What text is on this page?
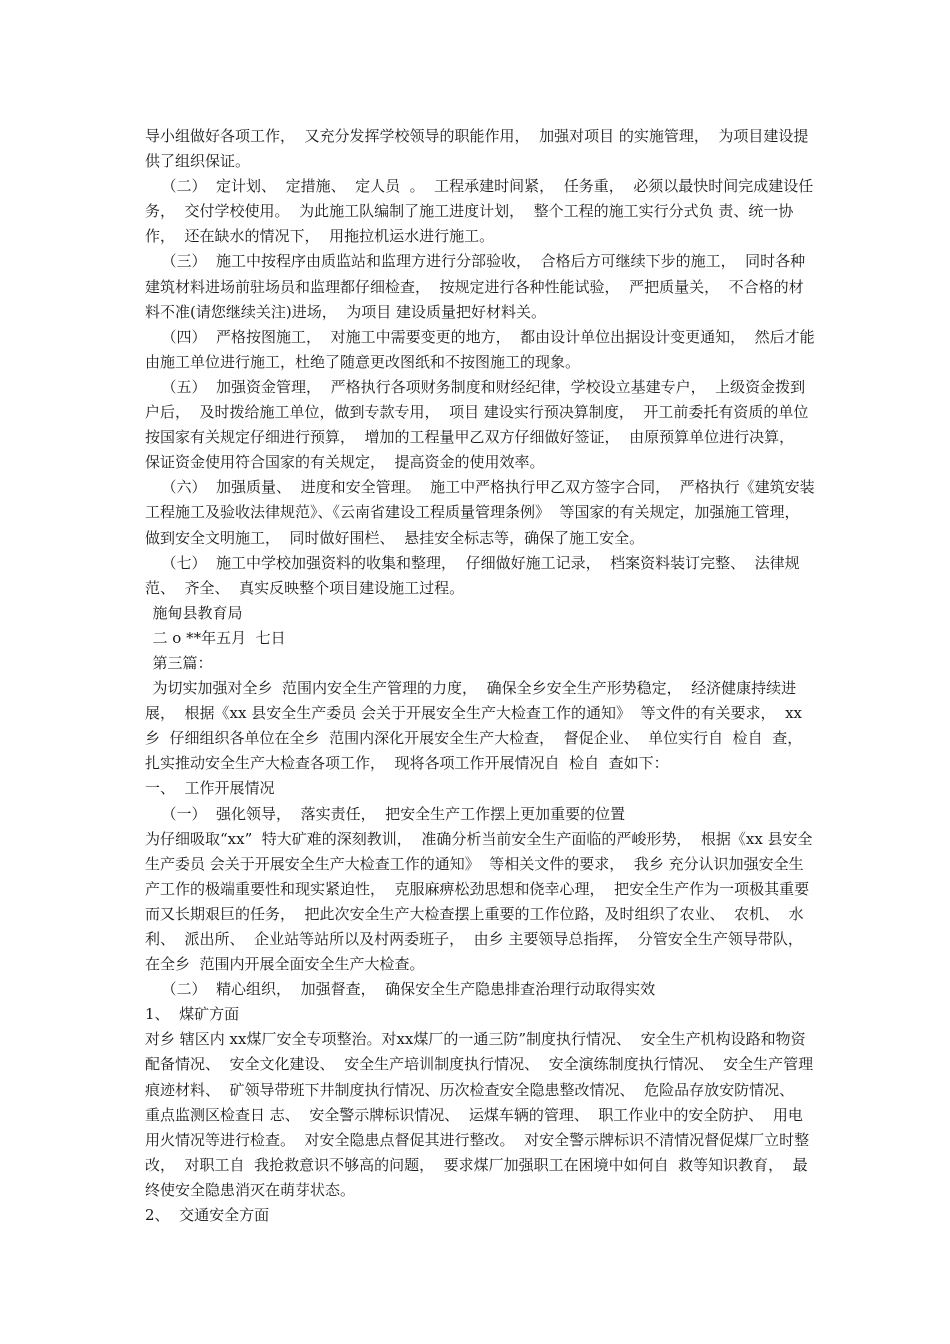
导小组做好各项工作，  又充分发挥学校领导的职能作用，  加强对项目 的实施管理，  为项目建设提供了组织保证。

（二）  定计划、  定措施、  定人员  。  工程承建时间紧，  任务重，  必须以最快时间完成建设任务，  交付学校使用。  为此施工队编制了施工进度计划，  整个工程的施工实行分式负 责、统一协作，  还在缺水的情况下，  用拖拉机运水进行施工。

（三）  施工中按程序由质监站和监理方进行分部验收，  合格后方可继续下步的施工，  同时各种建筑材料进场前驻场员和监理都仔细检查，  按规定进行各种性能试验，  严把质量关，  不合格的材料不准(请您继续关注)进场，  为项目 建设质量把好材料关。

（四）  严格按图施工，  对施工中需要变更的地方，  都由设计单位出据设计变更通知，  然后才能由施工单位进行施工，杜绝了随意更改图纸和不按图施工的现象。

（五）  加强资金管理，  严格执行各项财务制度和财经纪律，学校设立基建专户，  上级资金拨到户后，  及时拨给施工单位，做到专款专用，  项目 建设实行预决算制度，  开工前委托有资质的单位按国家有关规定仔细进行预算，  增加的工程量甲乙双方仔细做好签证，  由原预算单位进行决算，  保证资金使用符合国家的有关规定，  提高资金的使用效率。

（六）  加强质量、  进度和安全管理。  施工中严格执行甲乙双方签字合同，  严格执行《建筑安装工程施工及验收法律规范》、《云南省建设工程质量管理条例》  等国家的有关规定，加强施工管理，  做到安全文明施工，  同时做好围栏、  悬挂安全标志等，确保了施工安全。

（七）  施工中学校加强资料的收集和整理，  仔细做好施工记录，  档案资料装订完整、  法律规范、  齐全、  真实反映整个项目建设施工过程。

施甸县教育局

二 o **年五月  七日

第三篇：

为切实加强对全乡  范围内安全生产管理的力度，  确保全乡安全生产形势稳定，  经济健康持续进展，  根据《xx 县安全生产委员 会关于开展安全生产大检查工作的通知》  等文件的有关要求，  xx 乡  仔细组织各单位在全乡  范围内深化开展安全生产大检查，  督促企业、  单位实行自  检自  查，  扎实推动安全生产大检查各项工作，  现将各项工作开展情况自  检自  查如下：

一、  工作开展情况

（一）  强化领导，  落实责任，  把安全生产工作摆上更加重要的位置

为仔细吸取“xx”  特大矿难的深刻教训，  准确分析当前安全生产面临的严峻形势，  根据《xx 县安全生产委员 会关于开展安全生产大检查工作的通知》  等相关文件的要求，  我乡 充分认识加强安全生产工作的极端重要性和现实紧迫性，  克服麻痹松劲思想和侥幸心理，  把安全生产作为一项极其重要而又长期艰巨的任务，  把此次安全生产大检查摆上重要的工作位路，及时组织了农业、  农机、  水利、  派出所、  企业站等站所以及村两委班子，  由乡 主要领导总指挥，  分管安全生产领导带队，  在全乡  范围内开展全面安全生产大检查。

（二）  精心组织，  加强督查，  确保安全生产隐患排查治理行动取得实效

1、  煤矿方面

对乡 辖区内 xx煤厂安全专项整治。对xx煤厂的一通三防”制度执行情况、  安全生产机构设路和物资配备情况、  安全文化建设、  安全生产培训制度执行情况、  安全演练制度执行情况、  安全生产管理痕迹材料、  矿领导带班下井制度执行情况、历次检查安全隐患整改情况、  危险品存放安防情况、  重点监测区检查日 志、  安全警示牌标识情况、  运煤车辆的管理、  职工作业中的安全防护、  用电用火情况等进行检查。  对安全隐患点督促其进行整改。  对安全警示牌标识不清情况督促煤厂立时整改，  对职工自  我抢救意识不够高的问题，  要求煤厂加强职工在困境中如何自  救等知识教育，  最终使安全隐患消灭在萌芽状态。

2、  交通安全方面
